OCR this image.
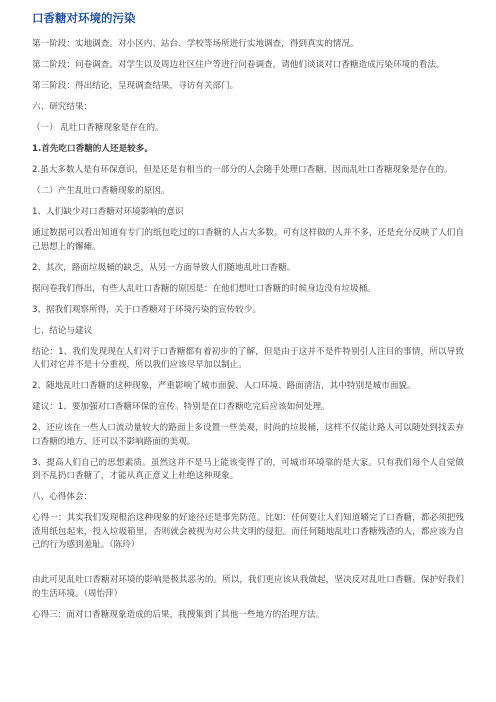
口香糖对环境的污染

第一阶段：实地调查。对小区内、站台、学校等场所进行实地调查，得到真实的情况。

第二阶段：问卷调查。对学生以及周边社区住户等进行问卷调查，请他们谈谈对口香糖造成污染环境的看法。

第三阶段：得出结论，呈现调查结果，寻访有关部门。

六、研究结果：

（一） 乱吐口香糖现象是存在的。

1.首先吃口香糖的人还是较多。

2.虽大多数人是有环保意识，但是还是有相当的一部分的人会随手处理口香糖，因而乱吐口香糖现象是存在的。

（二）产生乱吐口香糖现象的原因。

1、人们缺少对口香糖对环境影响的意识

通过数据可以看出知道有专门的纸包吃过的口香糖的人占大多数。可有这样做的人并不多，还是充分反映了人们自己思想上的懈瘫。

2、其次，路面垃圾桶的缺乏，从另一方面导致人们随地乱吐口香糖。

据问卷我们得出，有些人乱吐口香糖的原因是：在他们想吐口香糖的时候身边没有垃圾桶。

3、据我们观察所得，关于口香糖对于环境污染的宣传较少。

七、结论与建议

结论：1、我们发现现在人们对于口香糖都有着初步的了解，但是由于这并不是件特别引人注目的事情，所以导致人们对它并不是十分重视，所以我们应该尽早加以制止。

2、随地乱吐口香糖的这种现象，严重影响了城市面貌、人口环境、路面清洁，其中特别是城市面貌。

建议：1、要加强对口香糖环保的宣传。特别是在口香糖吃完后应该如何处理。

2、还应该在一些人口流动量较大的路面上多设置一些美观，时尚的垃圾桶，这样不仅能让路人可以随处到找丢弃口香糖的地方，还可以不影响路面的美观。

3、提高人们自己的思想素质。虽然这并不是马上能该变得了的，可城市环境靠的是大家。只有我们每个人自觉做到不乱扔口香糖了，才能从真正意义上杜绝这种现象。

八、心得体会：

心得一：其实我们发现根治这种现象的好途径还是事先防范。比如：任何要让人们知道嚼完了口香糖，都必须把残渣用纸包起来，投入垃圾箱里，否则就会被视为对公共文明的侵犯。而任何随地乱吐口香糖残渣的人，都应该为自己的行为感到羞耻。（陈玲）

由此可见乱吐口香糖对环境的影响是极其恶劣的。所以，我们更应该从我做起，坚决反对乱吐口香糖。保护好我们的生活环境。（周怡萍）

心得三：面对口香糖现象造成的后果，我搜集到了其他一些地方的治理方法。
